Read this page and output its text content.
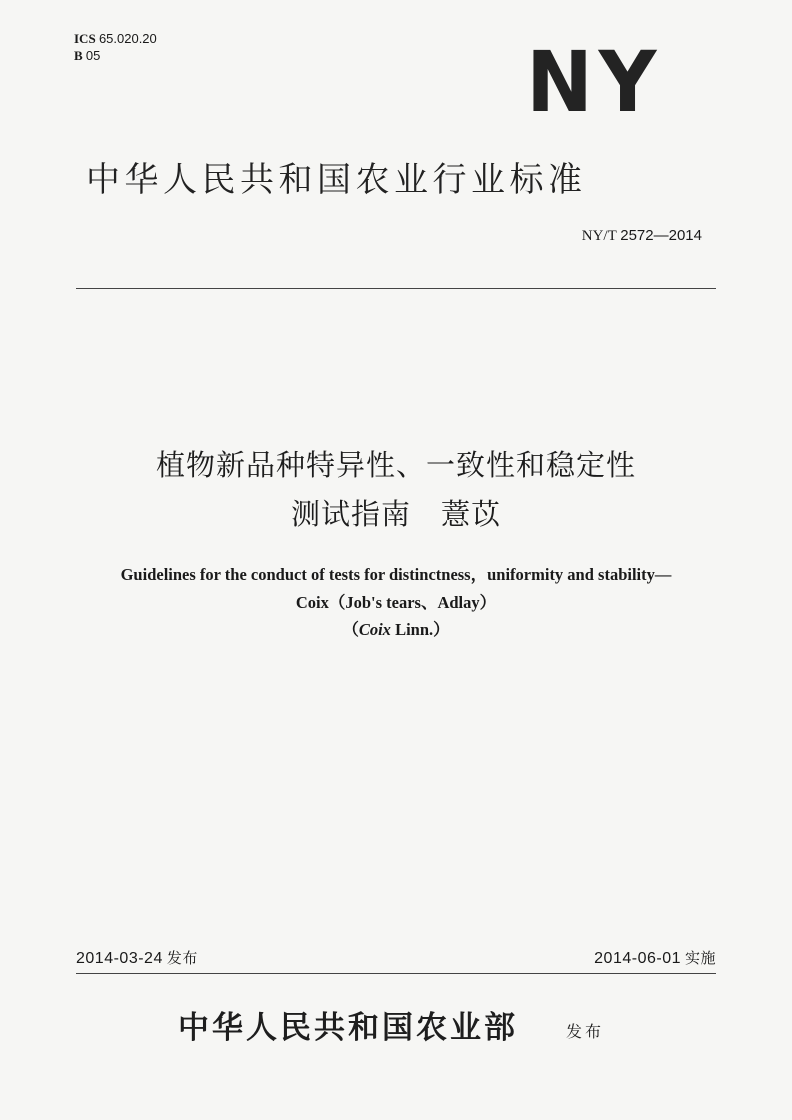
ICS 65.020.20
B 05	NY
中华人民共和国农业行业标准
NY/T 2572—2014
植物新品种特异性、一致性和稳定性
测试指南　薏苡
Guidelines for the conduct of tests for distinctness，uniformity and stability—
Coix（Job's tears、Adlay）
（Coix Linn.）
2014-03-24 发布	2014-06-01 实施
中华人民共和国农业部	发布
